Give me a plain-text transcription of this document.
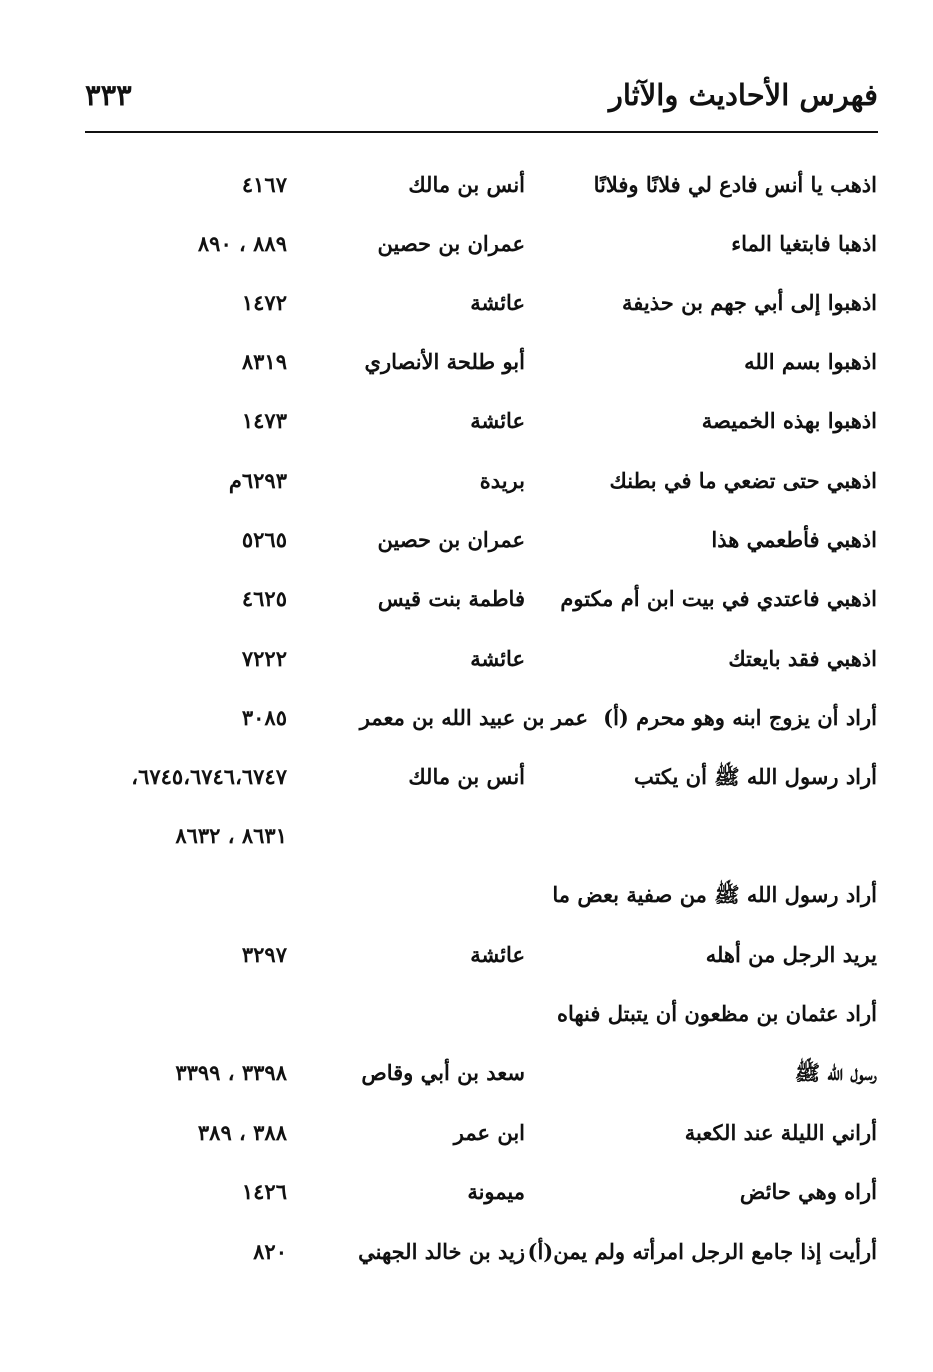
فهرس الأحاديث والآثار
٣٣٣
اذهب يا أنس فادع لي فلانًا وفلانًا
أنس بن مالك
٤١٦٧
اذهبا فابتغيا الماء
عمران بن حصين
٨٨٩ ، ٨٩٠
اذهبوا إلى أبي جهم بن حذيفة
عائشة
١٤٧٢
اذهبوا بسم الله
أبو طلحة الأنصاري
٨٣١٩
اذهبوا بهذه الخميصة
عائشة
١٤٧٣
اذهبي حتى تضعي ما في بطنك
بريدة
٦٢٩٣م
اذهبي فأطعمي هذا
عمران بن حصين
٥٢٦٥
اذهبي فاعتدي في بيت ابن أم مكتوم
فاطمة بنت قيس
٤٦٢٥
اذهبي فقد بايعتك
عائشة
٧٢٢٢
أراد أن يزوج ابنه وهو محرم (أ)
عمر بن عبيد الله بن معمر
٣٠٨٥
أراد رسول الله ﷺ أن يكتب
أنس بن مالك
٦٧٤٥،٦٧٤٦،٦٧٤٧،
٨٦٣١ ، ٨٦٣٢
أراد رسول الله ﷺ من صفية بعض ما
يريد الرجل من أهله
عائشة
٣٢٩٧
أراد عثمان بن مظعون أن يتبتل فنهاه
رسول الله ﷺ
سعد بن أبي وقاص
٣٣٩٨ ، ٣٣٩٩
أراني الليلة عند الكعبة
ابن عمر
٣٨٨ ، ٣٨٩
أراه وهي حائض
ميمونة
١٤٢٦
أرأيت إذا جامع الرجل امرأته ولم يمن(أ)
زيد بن خالد الجهني
٨٢٠
